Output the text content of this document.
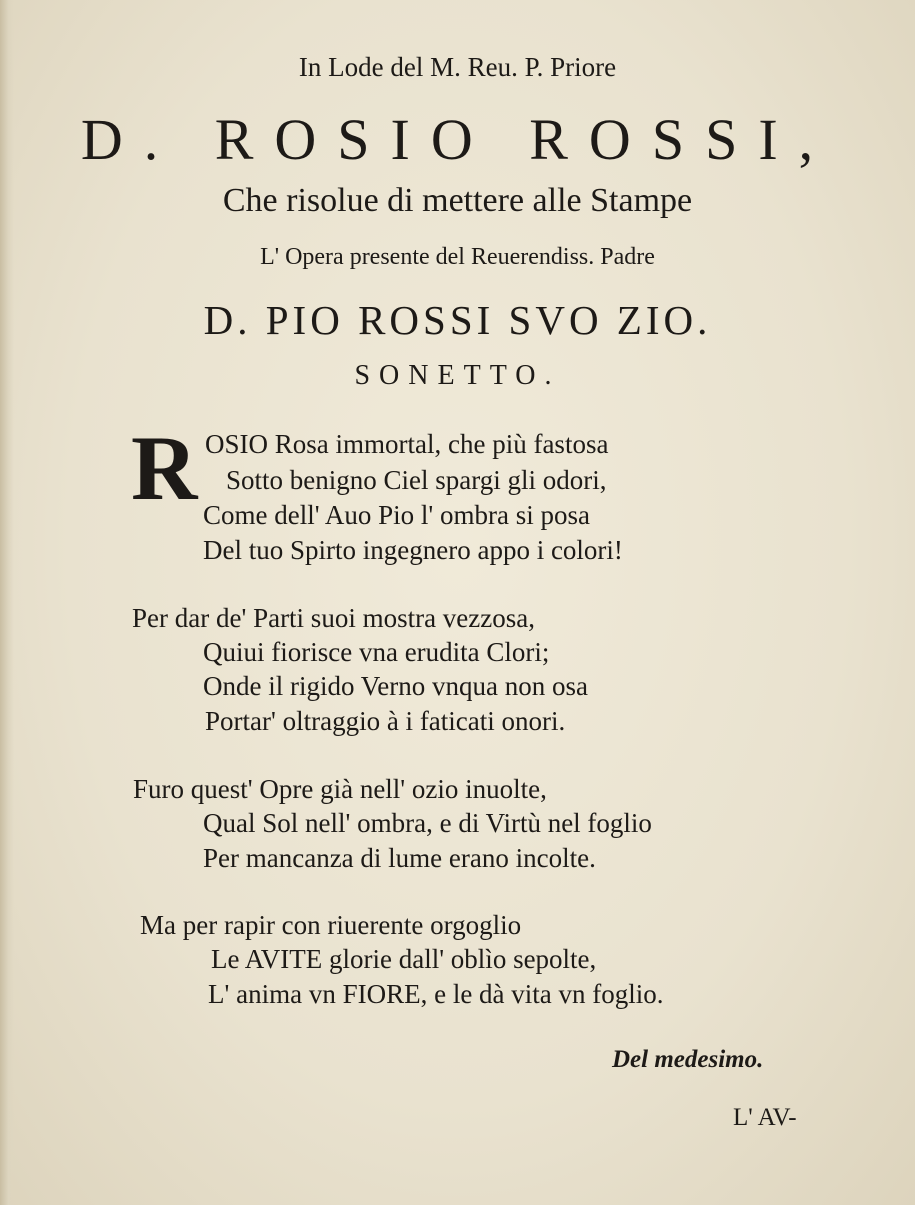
In Lode del M. Reu. P. Priore
D. ROSIO ROSSI,
Che risolue di mettere alle Stampe
L' Opera presente del Reuerendiss. Padre
D. PIO ROSSI SVO ZIO.
SONETTO.
R OSIO Rosa immortal, che più fastosa
Sotto benigno Ciel spargi gli odori,
Come dell' Auo Pio l' ombra si posa
Del tuo Spirto ingegnero appo i colori!
Per dar de' Parti suoi mostra vezzosa,
Quiui fiorisce vna erudita Clori;
Onde il rigido Verno vnqua non osa
Portar' oltraggio à i faticati onori.
Furo quest' Opre già nell' ozio inuolte,
Qual Sol nell' ombra, e di Virtù nel foglio
Per mancanza di lume erano incolte.
Ma per rapir con riuerente orgoglio
Le AVITE glorie dall' oblìo sepolte,
L' anima vn FIORE, e le dà vita vn foglio.
Del medesimo.
L' AV-
